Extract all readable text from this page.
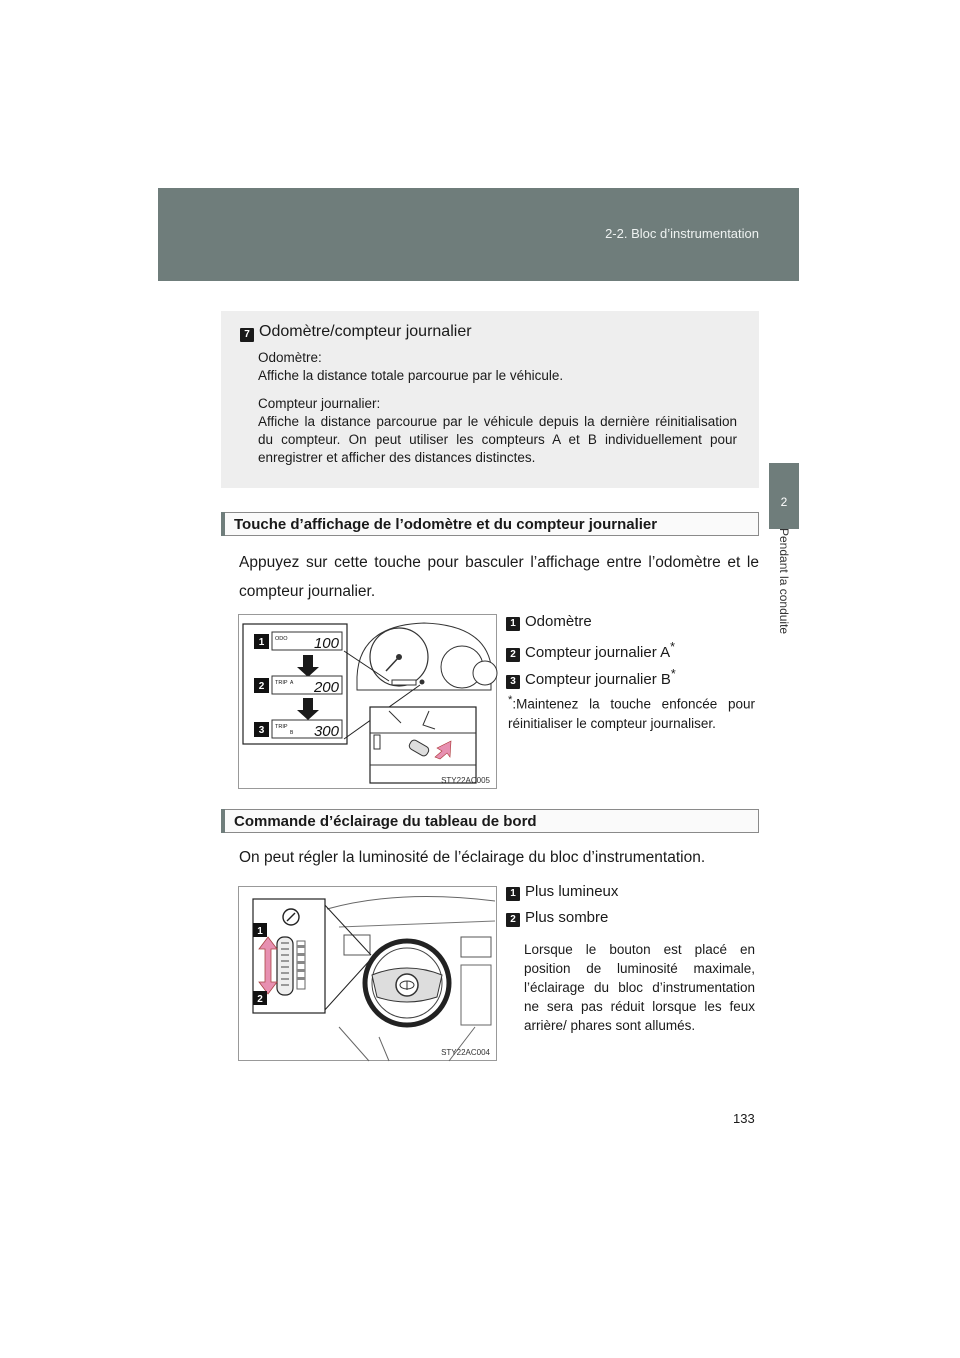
2-2. Bloc d’instrumentation
2
Pendant la conduite
7 Odomètre/compteur journalier

Odomètre:

Affiche la distance totale parcourue par le véhicule.

Compteur journalier:

Affiche la distance parcourue par le véhicule depuis la dernière réinitialisation du compteur. On peut utiliser les compteurs A et B individuellement pour enregistrer et afficher des distances distinctes.

Touche d’affichage de l’odomètre et du compteur journalier

Appuyez sur cette touche pour basculer l’affichage entre l’odomètre et le compteur journalier.

1 ODO 100
2 TRIP A 200
3 TRIP
B 300
STY22AC005
1 Odomètre
2 Compteur journalier A*
3 Compteur journalier B*
*:Maintenez la touche enfoncée pour réinitialiser le compteur journaliser.
Commande d’éclairage du tableau de bord

On peut régler la luminosité de l’éclairage du bloc d’instrumentation.

1
2
STY22AC004
1 Plus lumineux
2 Plus sombre
Lorsque le bouton est placé en position de luminosité maximale, l’éclairage du bloc d’instrumentation ne sera pas réduit lorsque les feux arrière/ phares sont allumés.
133
